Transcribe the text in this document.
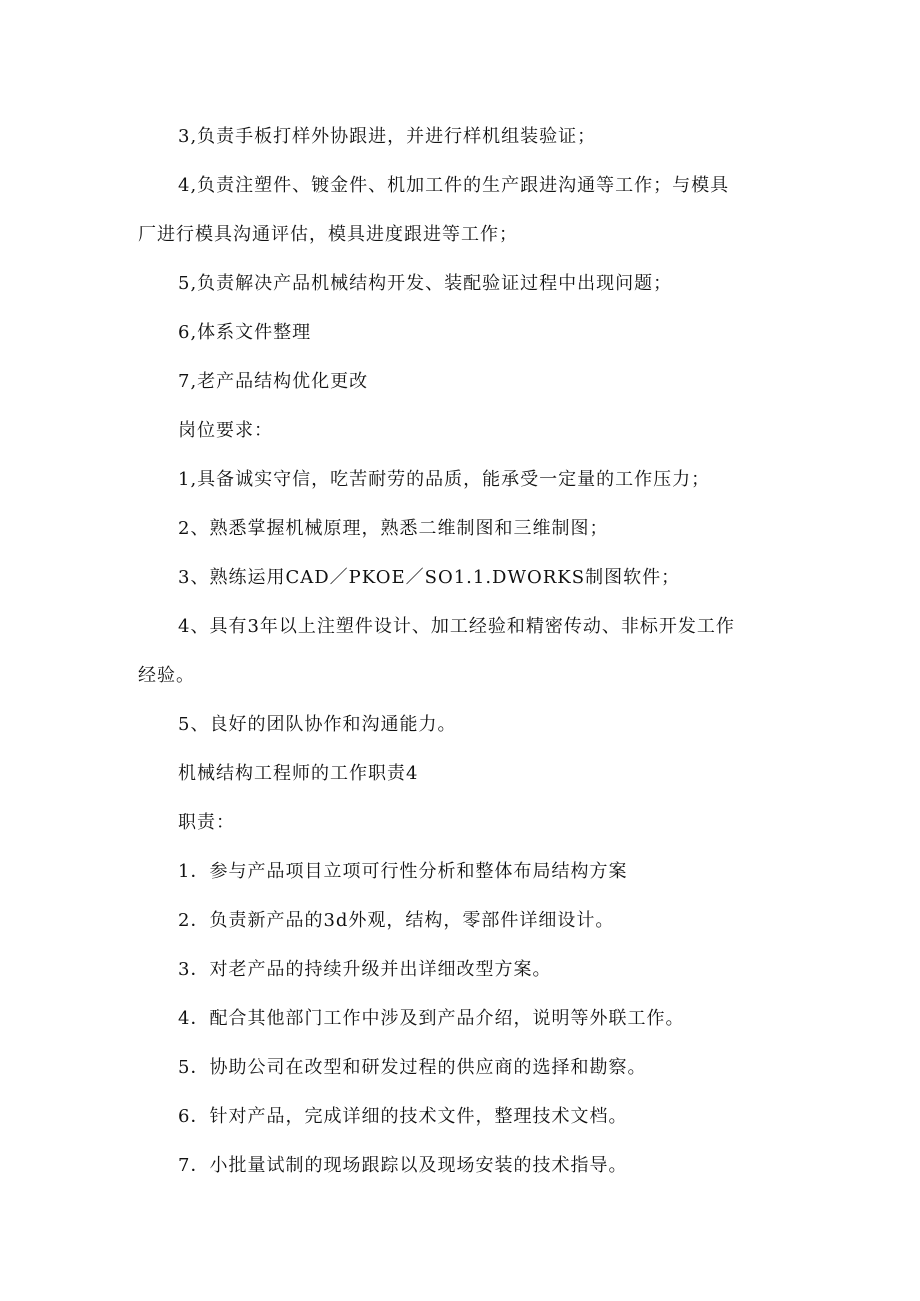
3,负责手板打样外协跟进，并进行样机组装验证；

4,负责注塑件、镀金件、机加工件的生产跟进沟通等工作；与模具

厂进行模具沟通评估，模具进度跟进等工作；

5,负责解决产品机械结构开发、装配验证过程中出现问题；

6,体系文件整理

7,老产品结构优化更改

岗位要求：

1,具备诚实守信，吃苦耐劳的品质，能承受一定量的工作压力；

2、熟悉掌握机械原理，熟悉二维制图和三维制图；

3、熟练运用CAD／PKOE／SO1.1.DWORKS制图软件；

4、具有3年以上注塑件设计、加工经验和精密传动、非标开发工作

经验。

5、良好的团队协作和沟通能力。

机械结构工程师的工作职责4

职责：

1．参与产品项目立项可行性分析和整体布局结构方案

2．负责新产品的3d外观，结构，零部件详细设计。

3．对老产品的持续升级并出详细改型方案。

4．配合其他部门工作中涉及到产品介绍，说明等外联工作。

5．协助公司在改型和研发过程的供应商的选择和勘察。

6．针对产品，完成详细的技术文件，整理技术文档。

7．小批量试制的现场跟踪以及现场安装的技术指导。
